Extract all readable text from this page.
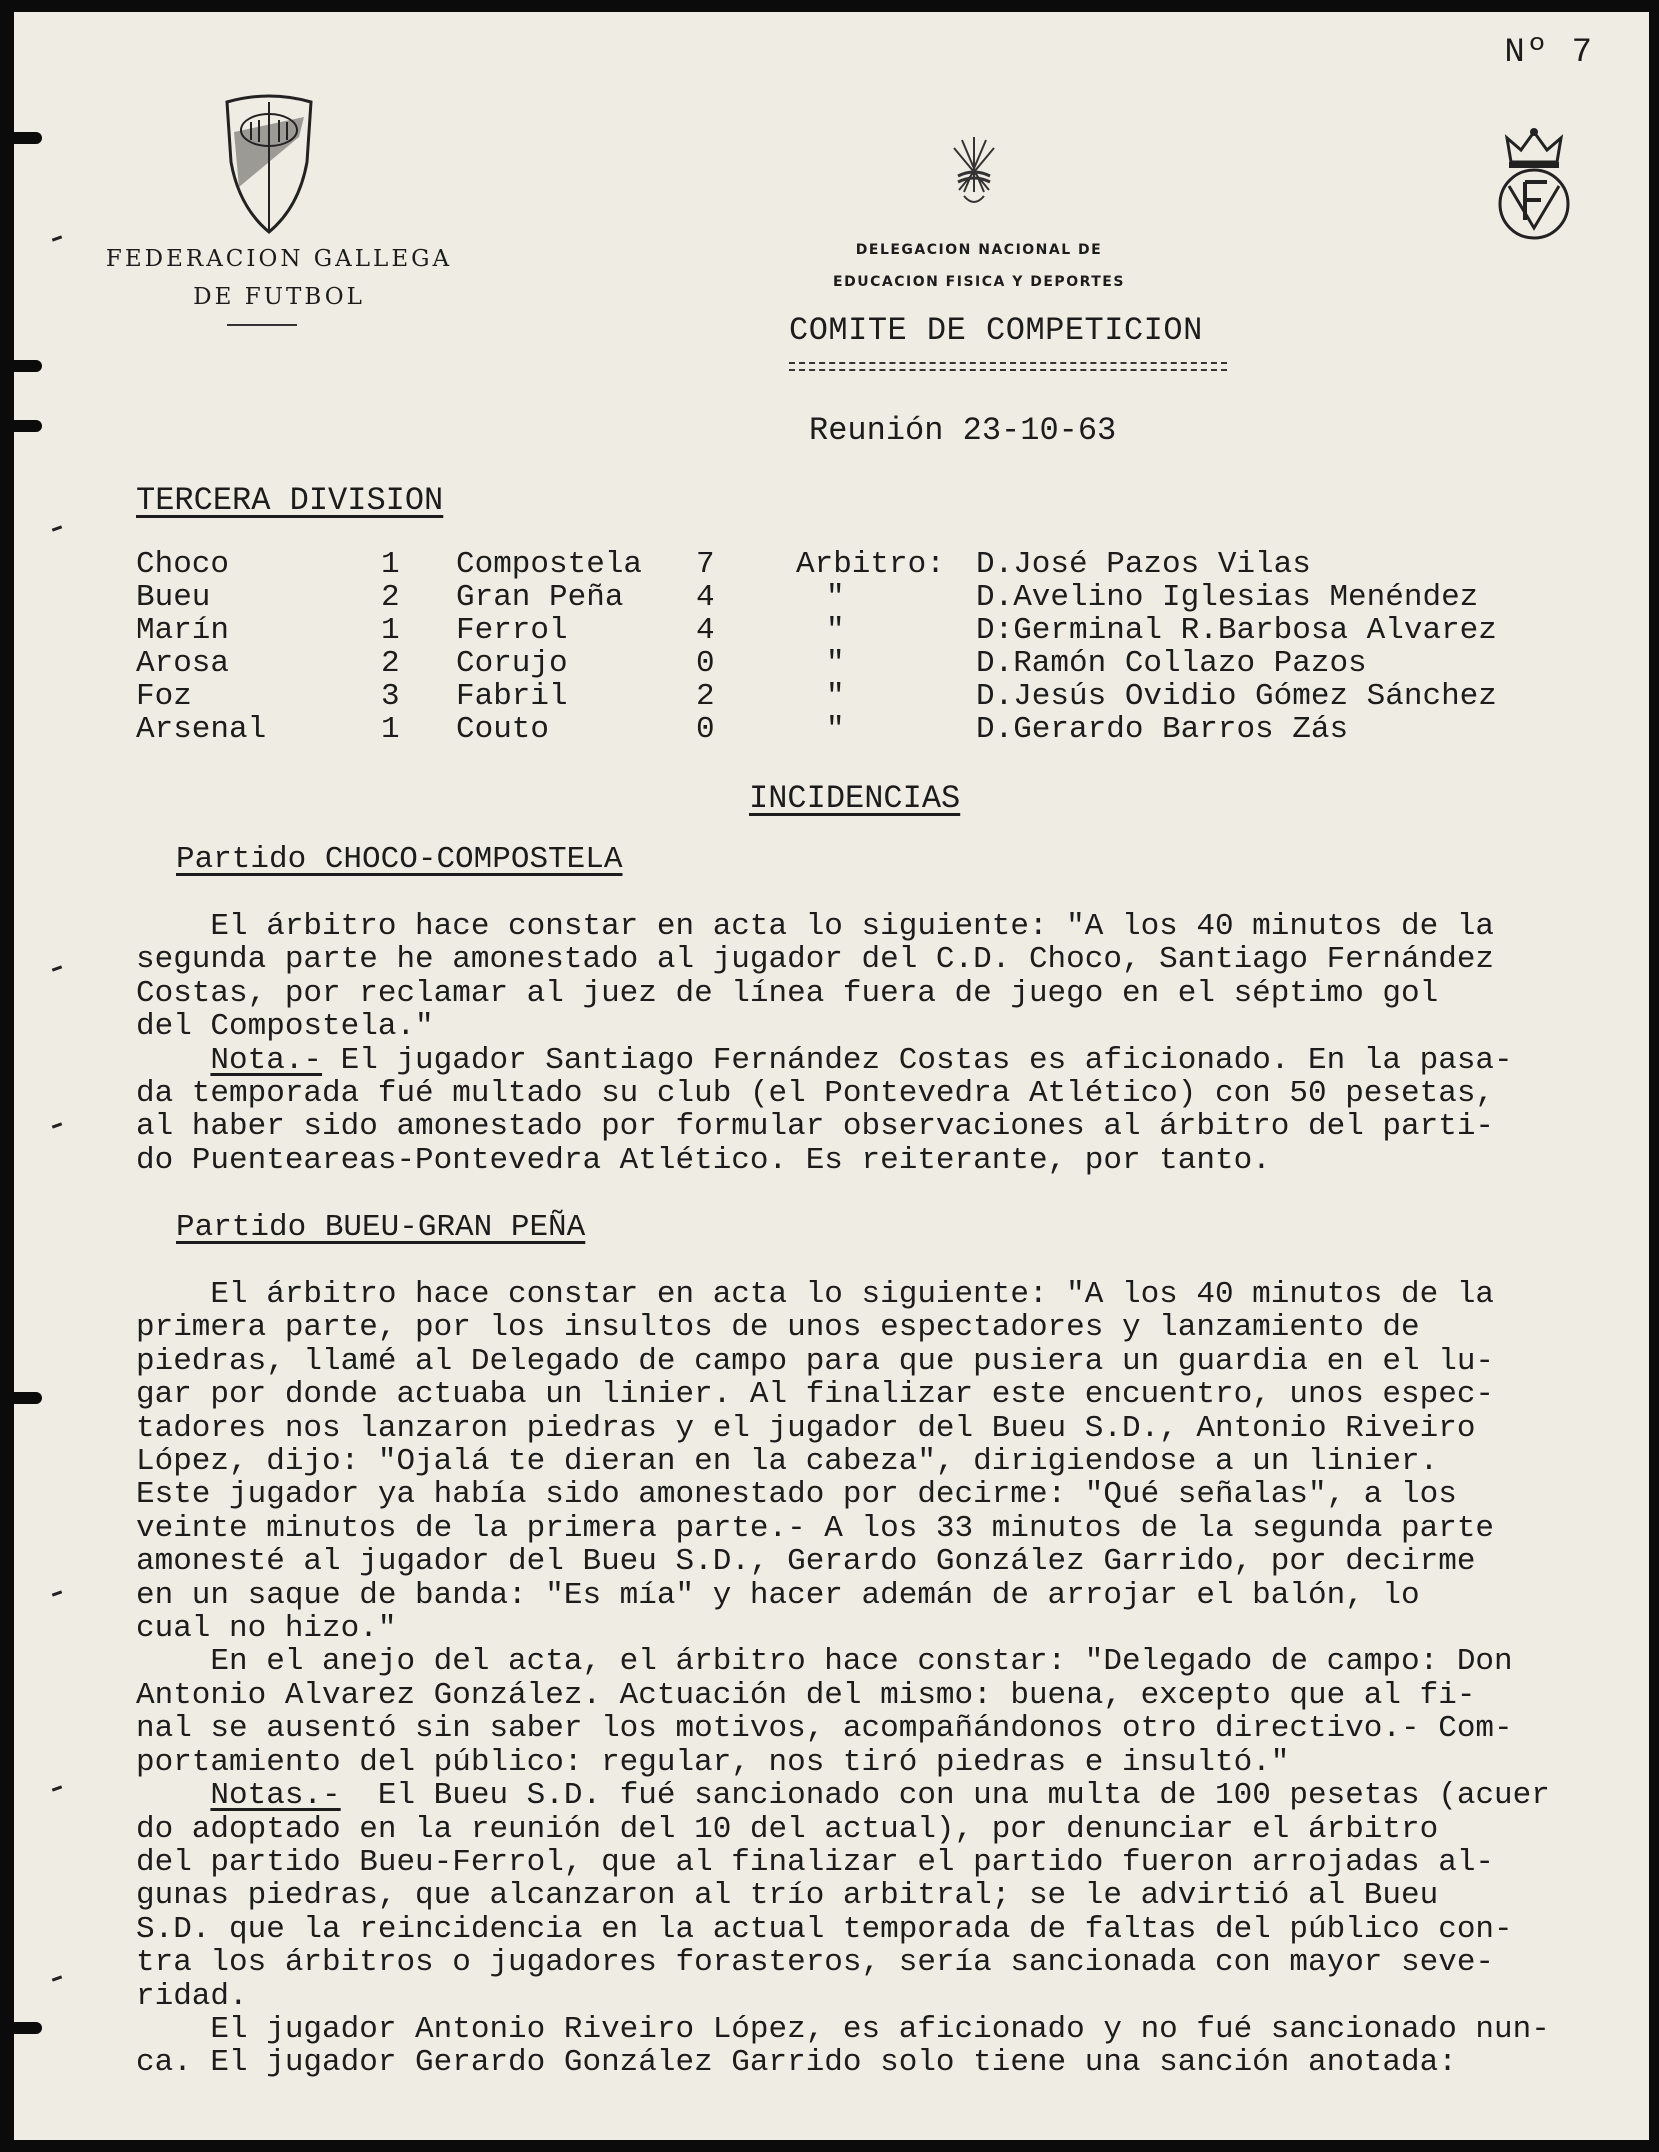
Nº 7
FEDERACION GALLEGA
DE FUTBOL
DELEGACION NACIONAL DE
EDUCACION FISICA Y DEPORTES
COMITE DE COMPETICION
Reunión 23-10-63
TERCERA DIVISION
Choco	1 Compostela 7	Arbitro: D.José Pazos Vilas
Bueu	2 Gran Peña 4	"	D.Avelino Iglesias Menéndez
Marín	1 Ferrol	4	"	D:Germinal R.Barbosa Alvarez
Arosa	2 Corujo	0	"	D.Ramón Collazo Pazos
Foz	3 Fabril	2	"	D.Jesús Ovidio Gómez Sánchez
Arsenal	1 Couto	0	"	D.Gerardo Barros Zás
INCIDENCIAS
Partido CHOCO-COMPOSTELA
El árbitro hace constar en acta lo siguiente: "A los 40 minutos de la
segunda parte he amonestado al jugador del C.D. Choco, Santiago Fernández
Costas, por reclamar al juez de línea fuera de juego en el séptimo gol
del Compostela."
Nota.- El jugador Santiago Fernández Costas es aficionado. En la pasa-
da temporada fué multado su club (el Pontevedra Atlético) con 50 pesetas,
al haber sido amonestado por formular observaciones al árbitro del parti-
do Puenteareas-Pontevedra Atlético. Es reiterante, por tanto.
Partido BUEU-GRAN PEÑA
El árbitro hace constar en acta lo siguiente: "A los 40 minutos de la
primera parte, por los insultos de unos espectadores y lanzamiento de
piedras, llamé al Delegado de campo para que pusiera un guardia en el lu-
gar por donde actuaba un linier. Al finalizar este encuentro, unos espec-
tadores nos lanzaron piedras y el jugador del Bueu S.D., Antonio Riveiro
López, dijo: "Ojalá te dieran en la cabeza", dirigiendose a un linier.
Este jugador ya había sido amonestado por decirme: "Qué señalas", a los
veinte minutos de la primera parte.- A los 33 minutos de la segunda parte
amonesté al jugador del Bueu S.D., Gerardo González Garrido, por decirme
en un saque de banda: "Es mía" y hacer ademán de arrojar el balón, lo
cual no hizo."
En el anejo del acta, el árbitro hace constar: "Delegado de campo: Don
Antonio Alvarez González. Actuación del mismo: buena, excepto que al fi-
nal se ausentó sin saber los motivos, acompañándonos otro directivo.- Com-
portamiento del público: regular, nos tiró piedras e insultó."
Notas.-  El Bueu S.D. fué sancionado con una multa de 100 pesetas (acuer
do adoptado en la reunión del 10 del actual), por denunciar el árbitro
del partido Bueu-Ferrol, que al finalizar el partido fueron arrojadas al-
gunas piedras, que alcanzaron al trío arbitral; se le advirtió al Bueu
S.D. que la reincidencia en la actual temporada de faltas del público con-
tra los árbitros o jugadores forasteros, sería sancionada con mayor seve-
ridad.
El jugador Antonio Riveiro López, es aficionado y no fué sancionado nun-
ca. El jugador Gerardo González Garrido solo tiene una sanción anotada:
